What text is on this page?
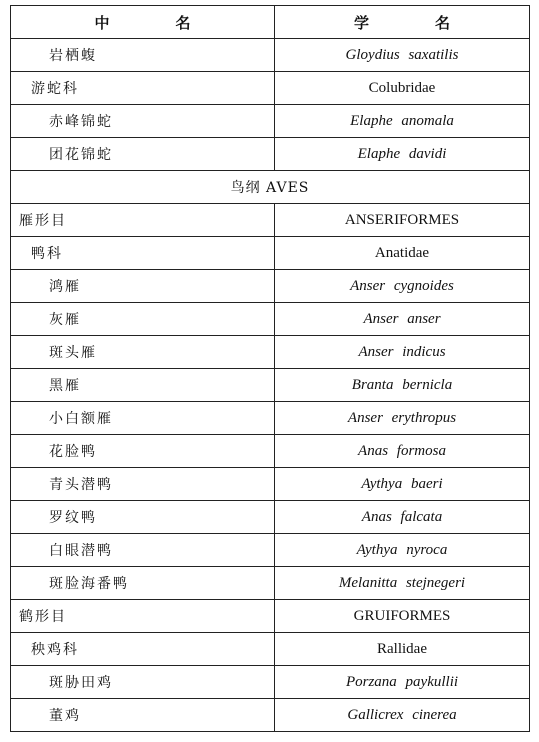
中 名	学 名

岩栖蝮	Gloydius saxatilis
游蛇科	Colubridae
赤峰锦蛇	Elaphe anomala
团花锦蛇	Elaphe davidi
鸟纲 AVES	
雁形目	ANSERIFORMES
鸭科	Anatidae
鸿雁	Anser cygnoides
灰雁	Anser anser
斑头雁	Anser indicus
黑雁	Branta bernicla
小白额雁	Anser erythropus
花脸鸭	Anas formosa
青头潜鸭	Aythya baeri
罗纹鸭	Anas falcata
白眼潜鸭	Aythya nyroca
斑脸海番鸭	Melanitta stejnegeri
鹤形目	GRUIFORMES
秧鸡科	Rallidae
斑胁田鸡	Porzana paykullii
董鸡	Gallicrex cinerea
